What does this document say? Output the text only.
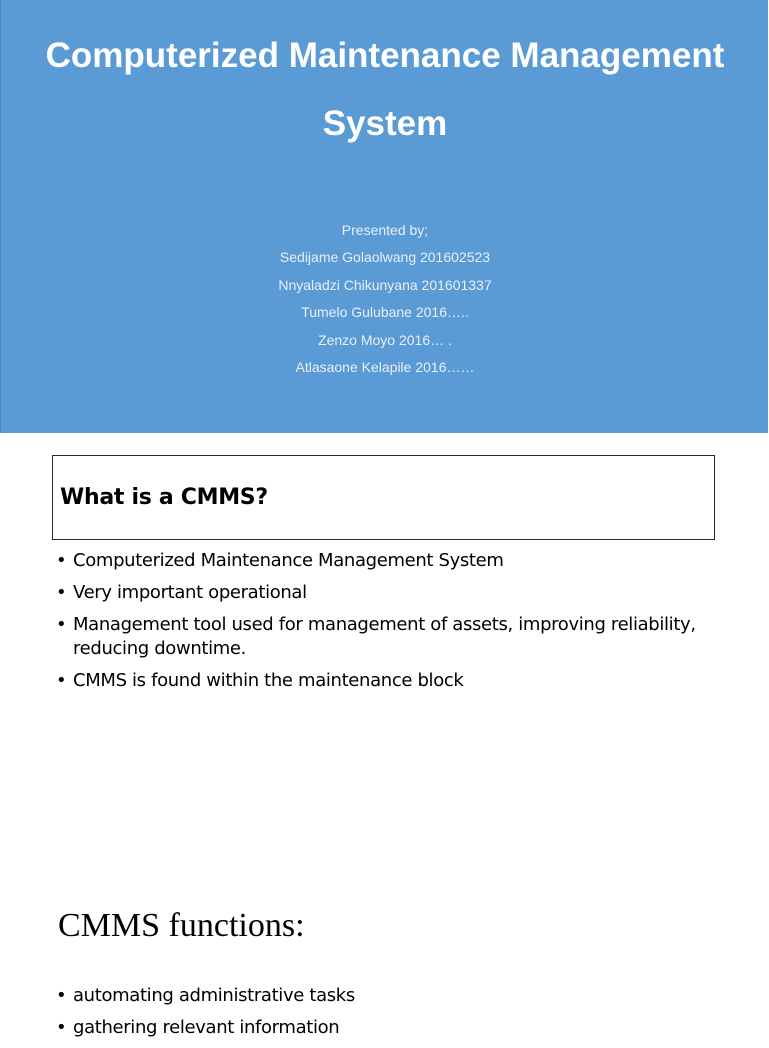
Computerized Maintenance Management
System
Presented by;
Sedijame Golaolwang 201602523
Nnyaladzi Chikunyana 201601337
Tumelo Gulubane 2016…..
Zenzo Moyo 2016… .
Atlasaone Kelapile 2016……
What is a CMMS?
• Computerized Maintenance Management System
• Very important operational
• Management tool used for management of assets, improving reliability, reducing downtime.
• CMMS is found within the maintenance block
CMMS functions:
• automating administrative tasks
• gathering relevant information
